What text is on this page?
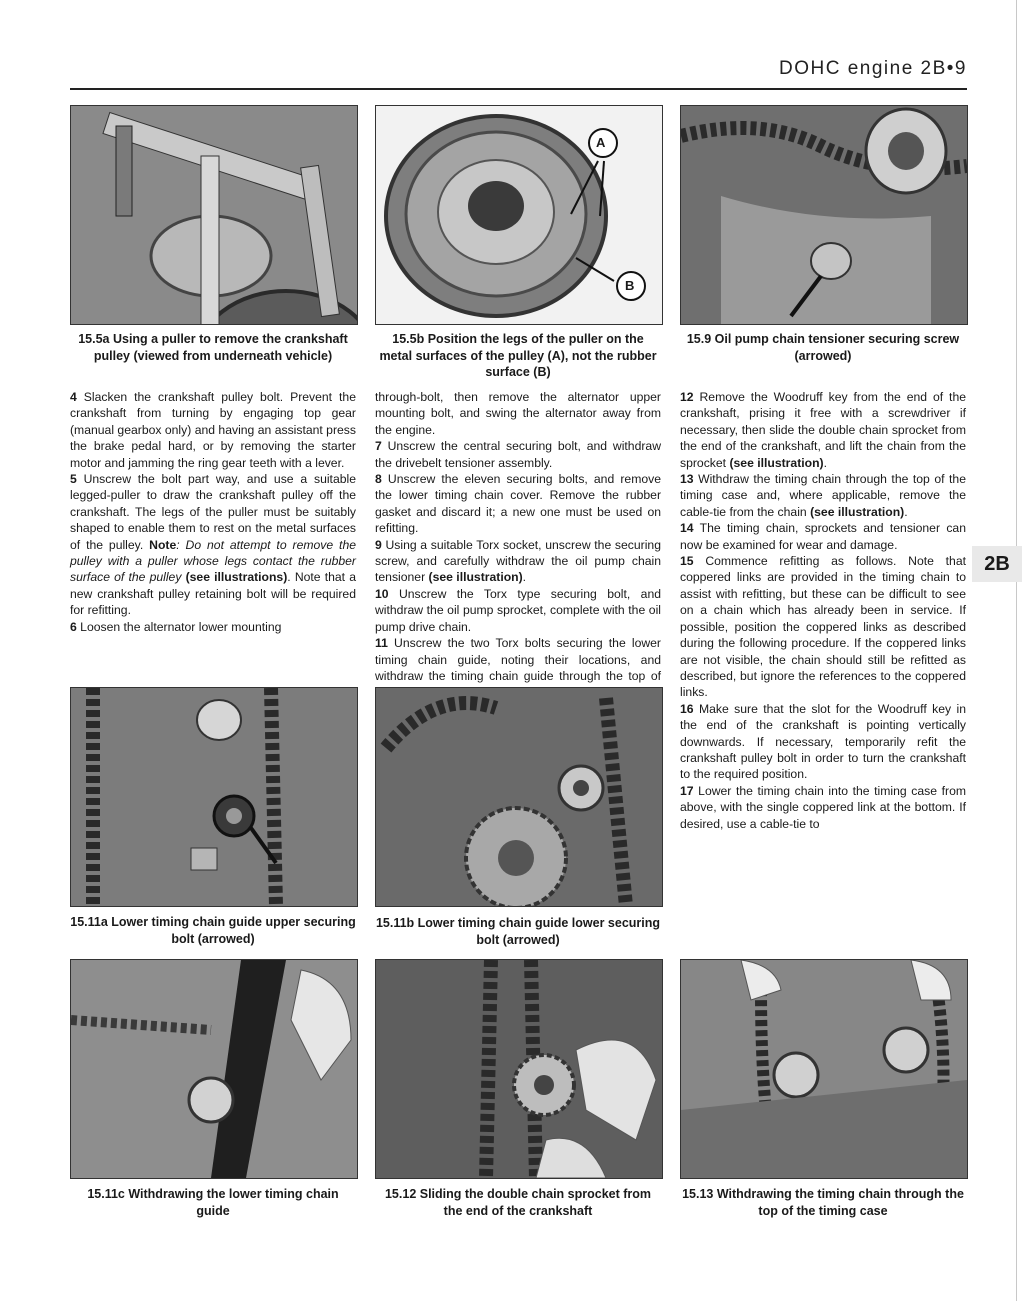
DOHC engine 2B•9
A
B
15.5a Using a puller to remove the crankshaft pulley (viewed from underneath vehicle)
15.5b Position the legs of the puller on the metal surfaces of the pulley (A), not the rubber surface (B)
15.9 Oil pump chain tensioner securing screw (arrowed)

4 Slacken the crankshaft pulley bolt. Prevent the crankshaft from turning by engaging top gear (manual gearbox only) and having an assistant press the brake pedal hard, or by removing the starter motor and jamming the ring gear teeth with a lever.

5 Unscrew the bolt part way, and use a suitable legged-puller to draw the crankshaft pulley off the crankshaft. The legs of the puller must be suitably shaped to enable them to rest on the metal surfaces of the pulley. Note: Do not attempt to remove the pulley with a puller whose legs contact the rubber surface of the pulley (see illustrations). Note that a new crankshaft pulley retaining bolt will be required for refitting.

6 Loosen the alternator lower mounting

through-bolt, then remove the alternator upper mounting bolt, and swing the alternator away from the engine.

7 Unscrew the central securing bolt, and withdraw the drivebelt tensioner assembly.

8 Unscrew the eleven securing bolts, and remove the lower timing chain cover. Remove the rubber gasket and discard it; a new one must be used on refitting.

9 Using a suitable Torx socket, unscrew the securing screw, and carefully withdraw the oil pump chain tensioner (see illustration).

10 Unscrew the Torx type securing bolt, and withdraw the oil pump sprocket, complete with the oil pump drive chain.

11 Unscrew the two Torx bolts securing the lower timing chain guide, noting their locations, and withdraw the timing chain guide through the top of

12 Remove the Woodruff key from the end of the crankshaft, prising it free with a screwdriver if necessary, then slide the double chain sprocket from the end of the crankshaft, and lift the chain from the sprocket (see illustration).

13 Withdraw the timing chain through the top of the timing case and, where applicable, remove the cable-tie from the chain (see illustration).

14 The timing chain, sprockets and tensioner can now be examined for wear and damage.

15 Commence refitting as follows. Note that coppered links are provided in the timing chain to assist with refitting, but these can be difficult to see on a chain which has already been in service. If possible, position the coppered links as described during the following procedure. If the coppered links are not visible, the chain should still be refitted as described, but ignore the references to the coppered links.

16 Make sure that the slot for the Woodruff key in the end of the crankshaft is pointing vertically downwards. If necessary, temporarily refit the crankshaft pulley bolt in order to turn the crankshaft to the required position.

17 Lower the timing chain into the timing case from above, with the single coppered link at the bottom. If desired, use a cable-tie to

2B
15.11a Lower timing chain guide upper securing bolt (arrowed)
15.11b Lower timing chain guide lower securing bolt (arrowed)
15.11c Withdrawing the lower timing chain guide
15.12 Sliding the double chain sprocket from the end of the crankshaft
15.13 Withdrawing the timing chain through the top of the timing case
